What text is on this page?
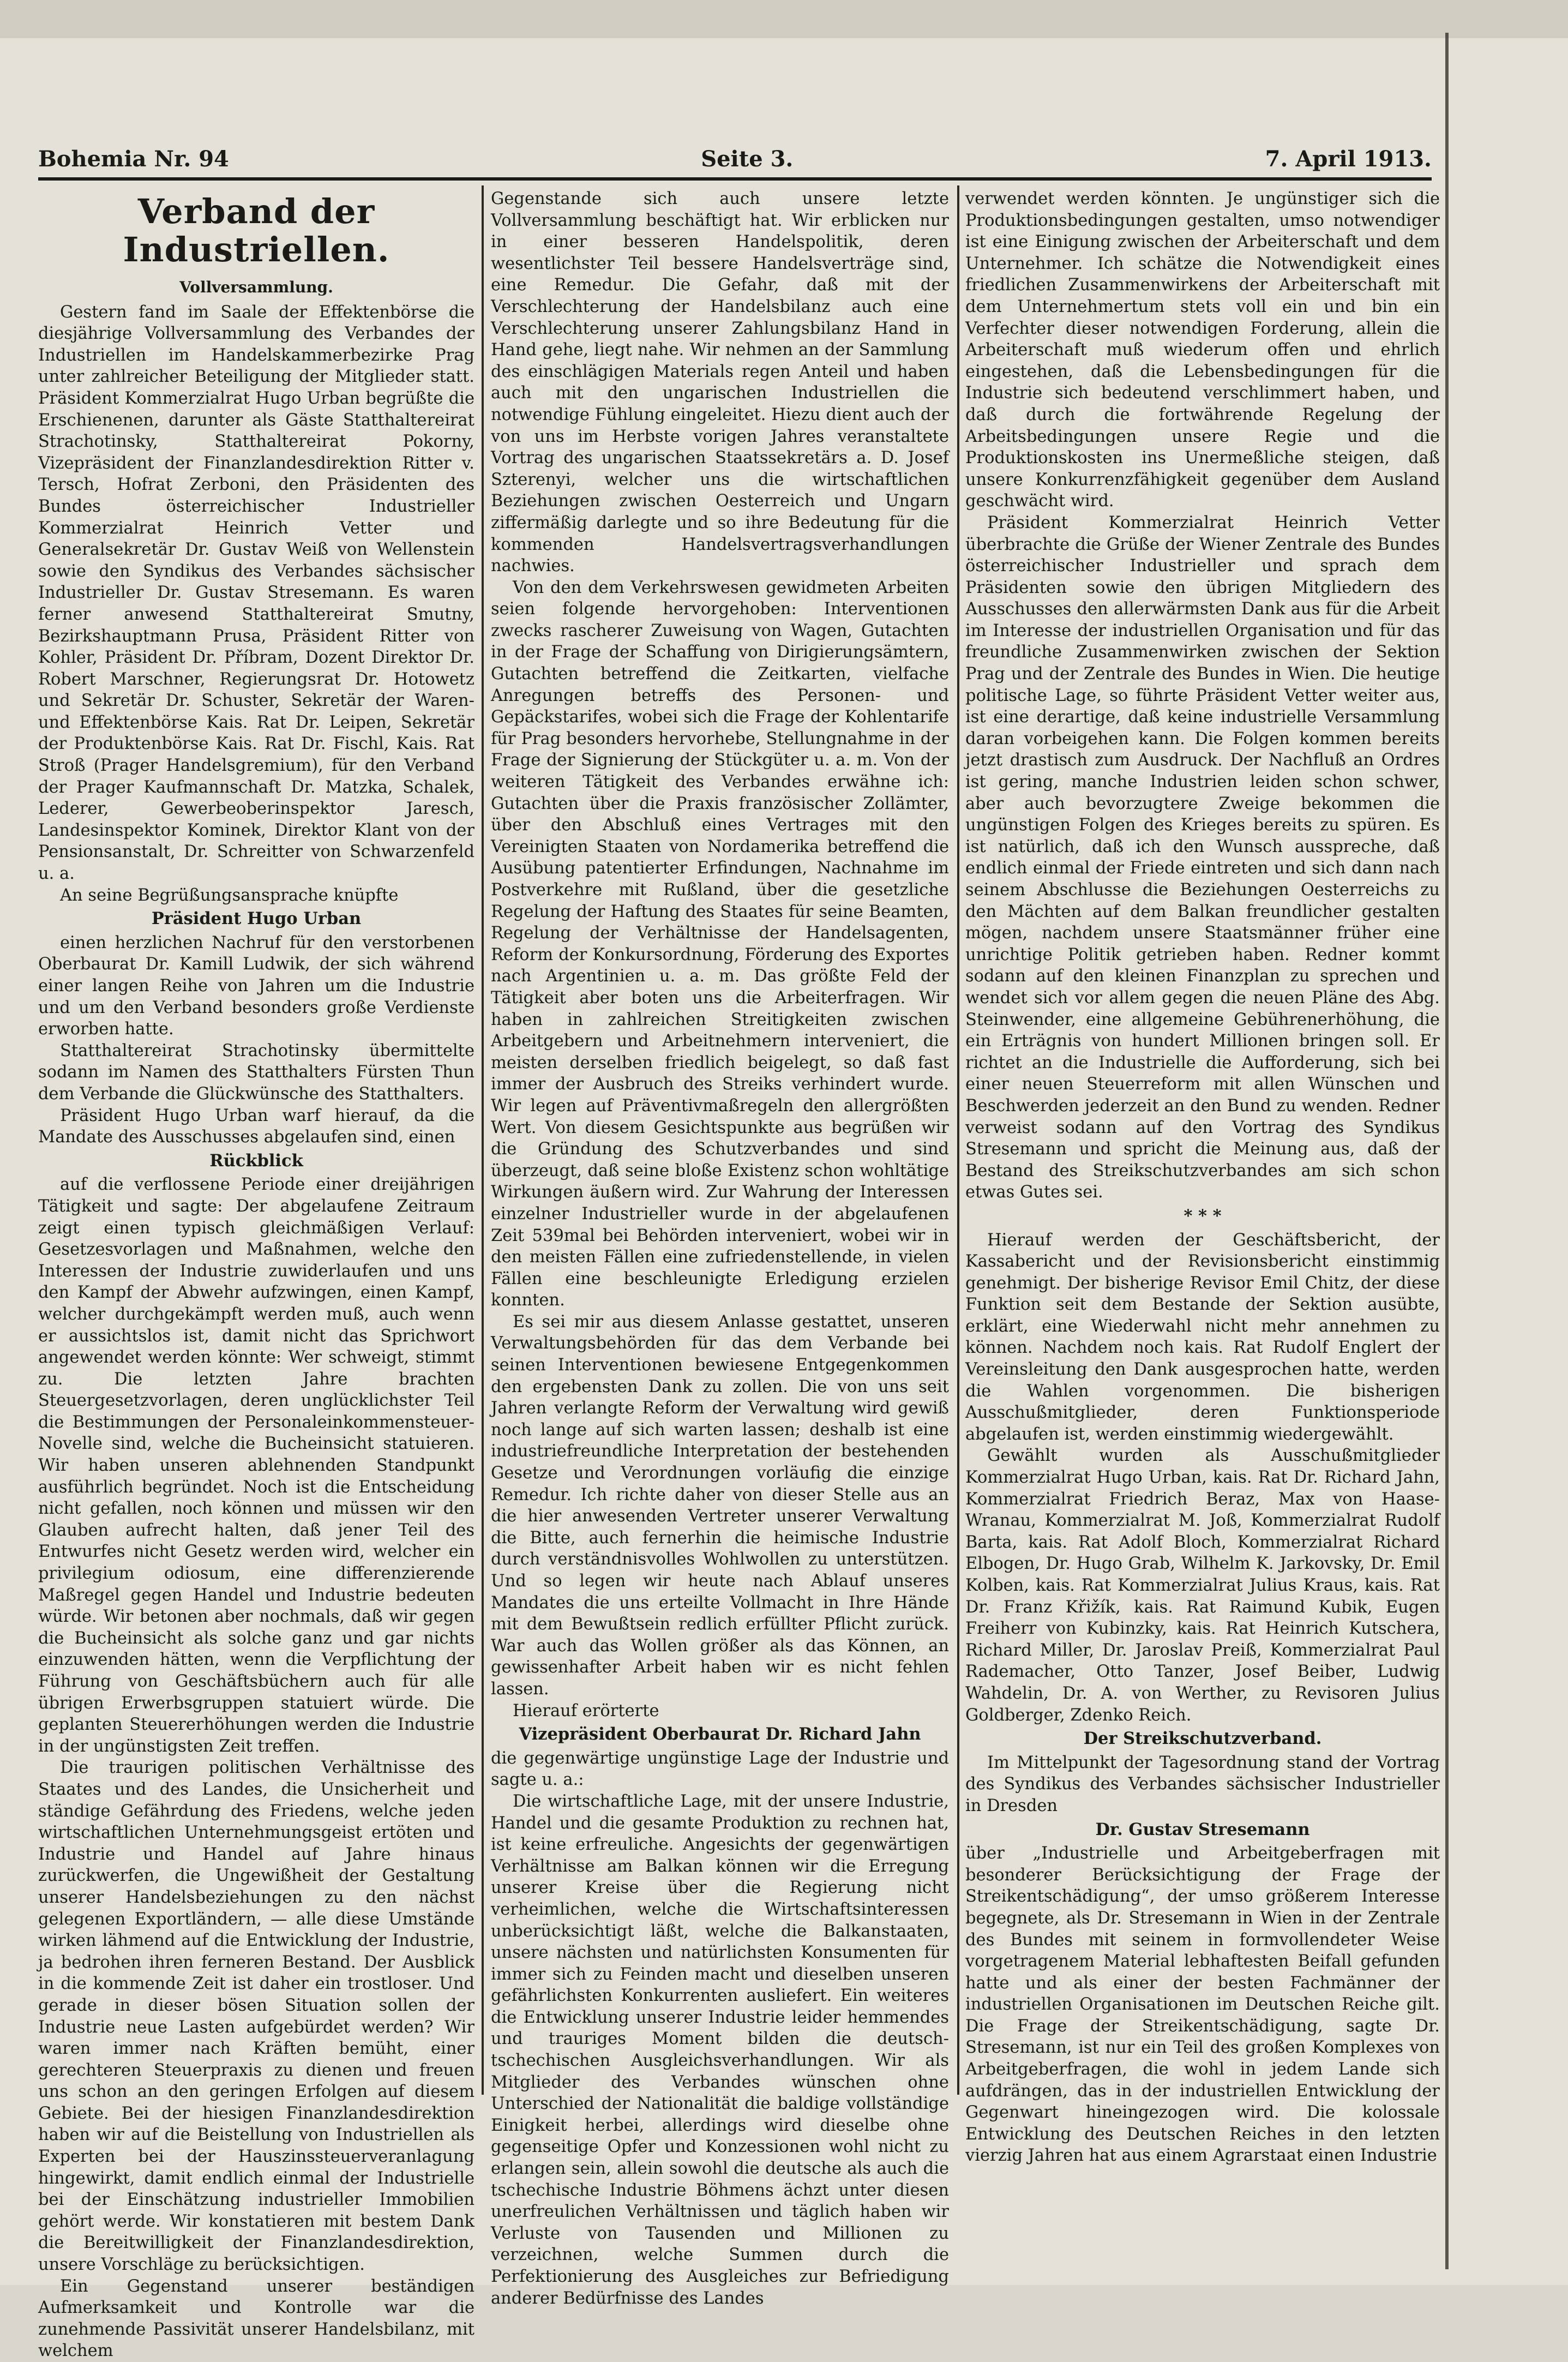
Bohemia Nr. 94	Seite 3.	7. April 1913.
Verband der Industriellen.
Vollversammlung.

Gestern fand im Saale der Effektenbörse die diesjährige Vollversammlung des Verbandes der Industriellen im Handelskammerbezirke Prag unter zahlreicher Beteiligung der Mitglieder statt. Präsident Kommerzialrat Hugo Urban begrüßte die Erschienenen, darunter als Gäste Statthaltereirat Strachotinsky, Statthaltereirat Pokorny, Vizepräsident der Finanzlandesdirektion Ritter v. Tersch, Hofrat Zerboni, den Präsidenten des Bundes österreichischer Industrieller Kommerzialrat Heinrich Vetter und Generalsekretär Dr. Gustav Weiß von Wellenstein sowie den Syndikus des Verbandes sächsischer Industrieller Dr. Gustav Stresemann. Es waren ferner anwesend Statthaltereirat Smutny, Bezirkshauptmann Prusa, Präsident Ritter von Kohler, Präsident Dr. Příbram, Dozent Direktor Dr. Robert Marschner, Regierungsrat Dr. Hotowetz und Sekretär Dr. Schuster, Sekretär der Waren- und Effektenbörse Kais. Rat Dr. Leipen, Sekretär der Produktenbörse Kais. Rat Dr. Fischl, Kais. Rat Stroß (Prager Handelsgremium), für den Verband der Prager Kaufmannschaft Dr. Matzka, Schalek, Lederer, Gewerbeoberinspektor Jaresch, Landesinspektor Kominek, Direktor Klant von der Pensionsanstalt, Dr. Schreitter von Schwarzenfeld u. a.

An seine Begrüßungsansprache knüpfte

Präsident Hugo Urban

einen herzlichen Nachruf für den verstorbenen Oberbaurat Dr. Kamill Ludwik, der sich während einer langen Reihe von Jahren um die Industrie und um den Verband besonders große Verdienste erworben hatte.

Statthaltereirat Strachotinsky übermittelte sodann im Namen des Statthalters Fürsten Thun dem Verbande die Glückwünsche des Statthalters.

Präsident Hugo Urban warf hierauf, da die Mandate des Ausschusses abgelaufen sind, einen

Rückblick

auf die verflossene Periode einer dreijährigen Tätigkeit und sagte: Der abgelaufene Zeitraum zeigt einen typisch gleichmäßigen Verlauf: Gesetzesvorlagen und Maßnahmen, welche den Interessen der Industrie zuwiderlaufen und uns den Kampf der Abwehr aufzwingen, einen Kampf, welcher durchgekämpft werden muß, auch wenn er aussichtslos ist, damit nicht das Sprichwort angewendet werden könnte: Wer schweigt, stimmt zu. Die letzten Jahre brachten Steuergesetzvorlagen, deren unglücklichster Teil die Bestimmungen der Personaleinkommensteuer-Novelle sind, welche die Bucheinsicht statuieren. Wir haben unseren ablehnenden Standpunkt ausführlich begründet. Noch ist die Entscheidung nicht gefallen, noch können und müssen wir den Glauben aufrecht halten, daß jener Teil des Entwurfes nicht Gesetz werden wird, welcher ein privilegium odiosum, eine differenzierende Maßregel gegen Handel und Industrie bedeuten würde. Wir betonen aber nochmals, daß wir gegen die Bucheinsicht als solche ganz und gar nichts einzuwenden hätten, wenn die Verpflichtung der Führung von Geschäftsbüchern auch für alle übrigen Erwerbsgruppen statuiert würde. Die geplanten Steuererhöhungen werden die Industrie in der ungünstigsten Zeit treffen.

Die traurigen politischen Verhältnisse des Staates und des Landes, die Unsicherheit und ständige Gefährdung des Friedens, welche jeden wirtschaftlichen Unternehmungsgeist ertöten und Industrie und Handel auf Jahre hinaus zurückwerfen, die Ungewißheit der Gestaltung unserer Handelsbeziehungen zu den nächst gelegenen Exportländern, — alle diese Umstände wirken lähmend auf die Entwicklung der Industrie, ja bedrohen ihren ferneren Bestand. Der Ausblick in die kommende Zeit ist daher ein trostloser. Und gerade in dieser bösen Situation sollen der Industrie neue Lasten aufgebürdet werden? Wir waren immer nach Kräften bemüht, einer gerechteren Steuerpraxis zu dienen und freuen uns schon an den geringen Erfolgen auf diesem Gebiete. Bei der hiesigen Finanzlandesdirektion haben wir auf die Beistellung von Industriellen als Experten bei der Hauszinssteuerveranlagung hingewirkt, damit endlich einmal der Industrielle bei der Einschätzung industrieller Immobilien gehört werde. Wir konstatieren mit bestem Dank die Bereitwilligkeit der Finanzlandesdirektion, unsere Vorschläge zu berücksichtigen.

Ein Gegenstand unserer beständigen Aufmerksamkeit und Kontrolle war die zunehmende Passivität unserer Handelsbilanz, mit welchem

Gegenstande sich auch unsere letzte Vollversammlung beschäftigt hat. Wir erblicken nur in einer besseren Handelspolitik, deren wesentlichster Teil bessere Handelsverträge sind, eine Remedur. Die Gefahr, daß mit der Verschlechterung der Handelsbilanz auch eine Verschlechterung unserer Zahlungsbilanz Hand in Hand gehe, liegt nahe. Wir nehmen an der Sammlung des einschlägigen Materials regen Anteil und haben auch mit den ungarischen Industriellen die notwendige Fühlung eingeleitet. Hiezu dient auch der von uns im Herbste vorigen Jahres veranstaltete Vortrag des ungarischen Staatssekretärs a. D. Josef Szterenyi, welcher uns die wirtschaftlichen Beziehungen zwischen Oesterreich und Ungarn ziffermäßig darlegte und so ihre Bedeutung für die kommenden Handelsvertragsverhandlungen nachwies.

Von den dem Verkehrswesen gewidmeten Arbeiten seien folgende hervorgehoben: Interventionen zwecks rascherer Zuweisung von Wagen, Gutachten in der Frage der Schaffung von Dirigierungsämtern, Gutachten betreffend die Zeitkarten, vielfache Anregungen betreffs des Personen- und Gepäckstarifes, wobei sich die Frage der Kohlentarife für Prag besonders hervorhebe, Stellungnahme in der Frage der Signierung der Stückgüter u. a. m. Von der weiteren Tätigkeit des Verbandes erwähne ich: Gutachten über die Praxis französischer Zollämter, über den Abschluß eines Vertrages mit den Vereinigten Staaten von Nordamerika betreffend die Ausübung patentierter Erfindungen, Nachnahme im Postverkehre mit Rußland, über die gesetzliche Regelung der Haftung des Staates für seine Beamten, Regelung der Verhältnisse der Handelsagenten, Reform der Konkursordnung, Förderung des Exportes nach Argentinien u. a. m. Das größte Feld der Tätigkeit aber boten uns die Arbeiterfragen. Wir haben in zahlreichen Streitigkeiten zwischen Arbeitgebern und Arbeitnehmern interveniert, die meisten derselben friedlich beigelegt, so daß fast immer der Ausbruch des Streiks verhindert wurde. Wir legen auf Präventivmaßregeln den allergrößten Wert. Von diesem Gesichtspunkte aus begrüßen wir die Gründung des Schutzverbandes und sind überzeugt, daß seine bloße Existenz schon wohltätige Wirkungen äußern wird. Zur Wahrung der Interessen einzelner Industrieller wurde in der abgelaufenen Zeit 539mal bei Behörden interveniert, wobei wir in den meisten Fällen eine zufriedenstellende, in vielen Fällen eine beschleunigte Erledigung erzielen konnten.

Es sei mir aus diesem Anlasse gestattet, unseren Verwaltungsbehörden für das dem Verbande bei seinen Interventionen bewiesene Entgegenkommen den ergebensten Dank zu zollen. Die von uns seit Jahren verlangte Reform der Verwaltung wird gewiß noch lange auf sich warten lassen; deshalb ist eine industriefreundliche Interpretation der bestehenden Gesetze und Verordnungen vorläufig die einzige Remedur. Ich richte daher von dieser Stelle aus an die hier anwesenden Vertreter unserer Verwaltung die Bitte, auch fernerhin die heimische Industrie durch verständnisvolles Wohlwollen zu unterstützen. Und so legen wir heute nach Ablauf unseres Mandates die uns erteilte Vollmacht in Ihre Hände mit dem Bewußtsein redlich erfüllter Pflicht zurück. War auch das Wollen größer als das Können, an gewissenhafter Arbeit haben wir es nicht fehlen lassen.

Hierauf erörterte

Vizepräsident Oberbaurat Dr. Richard Jahn

die gegenwärtige ungünstige Lage der Industrie und sagte u. a.:

Die wirtschaftliche Lage, mit der unsere Industrie, Handel und die gesamte Produktion zu rechnen hat, ist keine erfreuliche. Angesichts der gegenwärtigen Verhältnisse am Balkan können wir die Erregung unserer Kreise über die Regierung nicht verheimlichen, welche die Wirtschaftsinteressen unberücksichtigt läßt, welche die Balkanstaaten, unsere nächsten und natürlichsten Konsumenten für immer sich zu Feinden macht und dieselben unseren gefährlichsten Konkurrenten ausliefert. Ein weiteres die Entwicklung unserer Industrie leider hemmendes und trauriges Moment bilden die deutsch-tschechischen Ausgleichsverhandlungen. Wir als Mitglieder des Verbandes wünschen ohne Unterschied der Nationalität die baldige vollständige Einigkeit herbei, allerdings wird dieselbe ohne gegenseitige Opfer und Konzessionen wohl nicht zu erlangen sein, allein sowohl die deutsche als auch die tschechische Industrie Böhmens ächzt unter diesen unerfreulichen Verhältnissen und täglich haben wir Verluste von Tausenden und Millionen zu verzeichnen, welche Summen durch die Perfektionierung des Ausgleiches zur Befriedigung anderer Bedürfnisse des Landes

verwendet werden könnten. Je ungünstiger sich die Produktionsbedingungen gestalten, umso notwendiger ist eine Einigung zwischen der Arbeiterschaft und dem Unternehmer. Ich schätze die Notwendigkeit eines friedlichen Zusammenwirkens der Arbeiterschaft mit dem Unternehmertum stets voll ein und bin ein Verfechter dieser notwendigen Forderung, allein die Arbeiterschaft muß wiederum offen und ehrlich eingestehen, daß die Lebensbedingungen für die Industrie sich bedeutend verschlimmert haben, und daß durch die fortwährende Regelung der Arbeitsbedingungen unsere Regie und die Produktionskosten ins Unermeßliche steigen, daß unsere Konkurrenzfähigkeit gegenüber dem Ausland geschwächt wird.

Präsident Kommerzialrat Heinrich Vetter überbrachte die Grüße der Wiener Zentrale des Bundes österreichischer Industrieller und sprach dem Präsidenten sowie den übrigen Mitgliedern des Ausschusses den allerwärmsten Dank aus für die Arbeit im Interesse der industriellen Organisation und für das freundliche Zusammenwirken zwischen der Sektion Prag und der Zentrale des Bundes in Wien. Die heutige politische Lage, so führte Präsident Vetter weiter aus, ist eine derartige, daß keine industrielle Versammlung daran vorbeigehen kann. Die Folgen kommen bereits jetzt drastisch zum Ausdruck. Der Nachfluß an Ordres ist gering, manche Industrien leiden schon schwer, aber auch bevorzugtere Zweige bekommen die ungünstigen Folgen des Krieges bereits zu spüren. Es ist natürlich, daß ich den Wunsch ausspreche, daß endlich einmal der Friede eintreten und sich dann nach seinem Abschlusse die Beziehungen Oesterreichs zu den Mächten auf dem Balkan freundlicher gestalten mögen, nachdem unsere Staatsmänner früher eine unrichtige Politik getrieben haben. Redner kommt sodann auf den kleinen Finanzplan zu sprechen und wendet sich vor allem gegen die neuen Pläne des Abg. Steinwender, eine allgemeine Gebührenerhöhung, die ein Erträgnis von hundert Millionen bringen soll. Er richtet an die Industrielle die Aufforderung, sich bei einer neuen Steuerreform mit allen Wünschen und Beschwerden jederzeit an den Bund zu wenden. Redner verweist sodann auf den Vortrag des Syndikus Stresemann und spricht die Meinung aus, daß der Bestand des Streikschutzverbandes am sich schon etwas Gutes sei.

* * *

Hierauf werden der Geschäftsbericht, der Kassabericht und der Revisionsbericht einstimmig genehmigt. Der bisherige Revisor Emil Chitz, der diese Funktion seit dem Bestande der Sektion ausübte, erklärt, eine Wiederwahl nicht mehr annehmen zu können. Nachdem noch kais. Rat Rudolf Englert der Vereinsleitung den Dank ausgesprochen hatte, werden die Wahlen vorgenommen. Die bisherigen Ausschußmitglieder, deren Funktionsperiode abgelaufen ist, werden einstimmig wiedergewählt.

Gewählt wurden als Ausschußmitglieder Kommerzialrat Hugo Urban, kais. Rat Dr. Richard Jahn, Kommerzialrat Friedrich Beraz, Max von Haase-Wranau, Kommerzialrat M. Joß, Kommerzialrat Rudolf Barta, kais. Rat Adolf Bloch, Kommerzialrat Richard Elbogen, Dr. Hugo Grab, Wilhelm K. Jarkovsky, Dr. Emil Kolben, kais. Rat Kommerzialrat Julius Kraus, kais. Rat Dr. Franz Křižík, kais. Rat Raimund Kubik, Eugen Freiherr von Kubinzky, kais. Rat Heinrich Kutschera, Richard Miller, Dr. Jaroslav Preiß, Kommerzialrat Paul Rademacher, Otto Tanzer, Josef Beiber, Ludwig Wahdelin, Dr. A. von Werther, zu Revisoren Julius Goldberger, Zdenko Reich.

Der Streikschutzverband.

Im Mittelpunkt der Tagesordnung stand der Vortrag des Syndikus des Verbandes sächsischer Industrieller in Dresden

Dr. Gustav Stresemann

über „Industrielle und Arbeitgeberfragen mit besonderer Berücksichtigung der Frage der Streikentschädigung“, der umso größerem Interesse begegnete, als Dr. Stresemann in Wien in der Zentrale des Bundes mit seinem in formvollendeter Weise vorgetragenem Material lebhaftesten Beifall gefunden hatte und als einer der besten Fachmänner der industriellen Organisationen im Deutschen Reiche gilt. Die Frage der Streikentschädigung, sagte Dr. Stresemann, ist nur ein Teil des großen Komplexes von Arbeitgeberfragen, die wohl in jedem Lande sich aufdrängen, das in der industriellen Entwicklung der Gegenwart hineingezogen wird. Die kolossale Entwicklung des Deutschen Reiches in den letzten vierzig Jahren hat aus einem Agrarstaat einen Industrie
